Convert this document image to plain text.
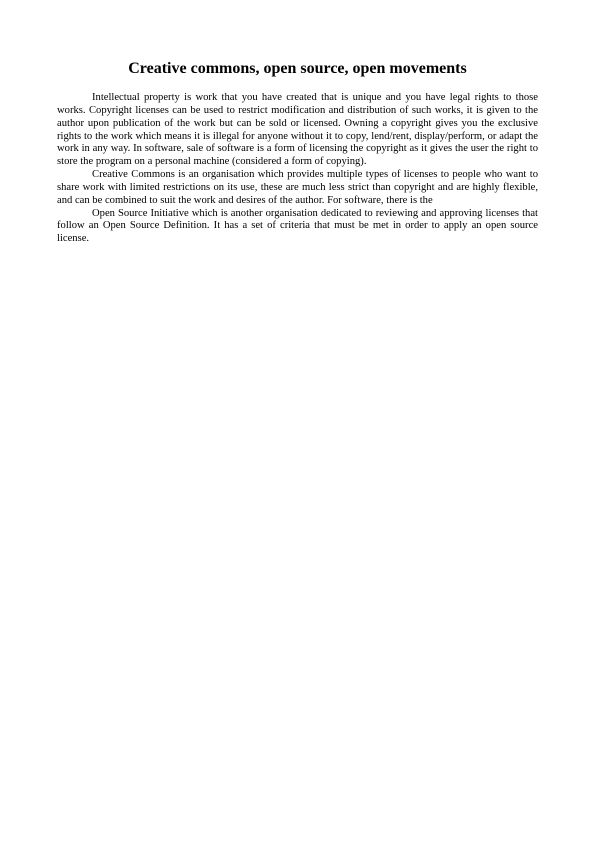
Creative commons, open source, open movements

Intellectual property is work that you have created that is unique and you have legal rights to those works. Copyright licenses can be used to restrict modification and distribution of such works, it is given to the author upon publication of the work but can be sold or licensed. Owning a copyright gives you the exclusive rights to the work which means it is illegal for anyone without it to copy, lend/rent, display/perform, or adapt the work in any way. In software, sale of software is a form of licensing the copyright as it gives the user the right to store the program on a personal machine (considered a form of copying).

Creative Commons is an organisation which provides multiple types of licenses to people who want to share work with limited restrictions on its use, these are much less strict than copyright and are highly flexible, and can be combined to suit the work and desires of the author. For software, there is the

Open Source Initiative which is another organisation dedicated to reviewing and approving licenses that follow an Open Source Definition. It has a set of criteria that must be met in order to apply an open source license.
